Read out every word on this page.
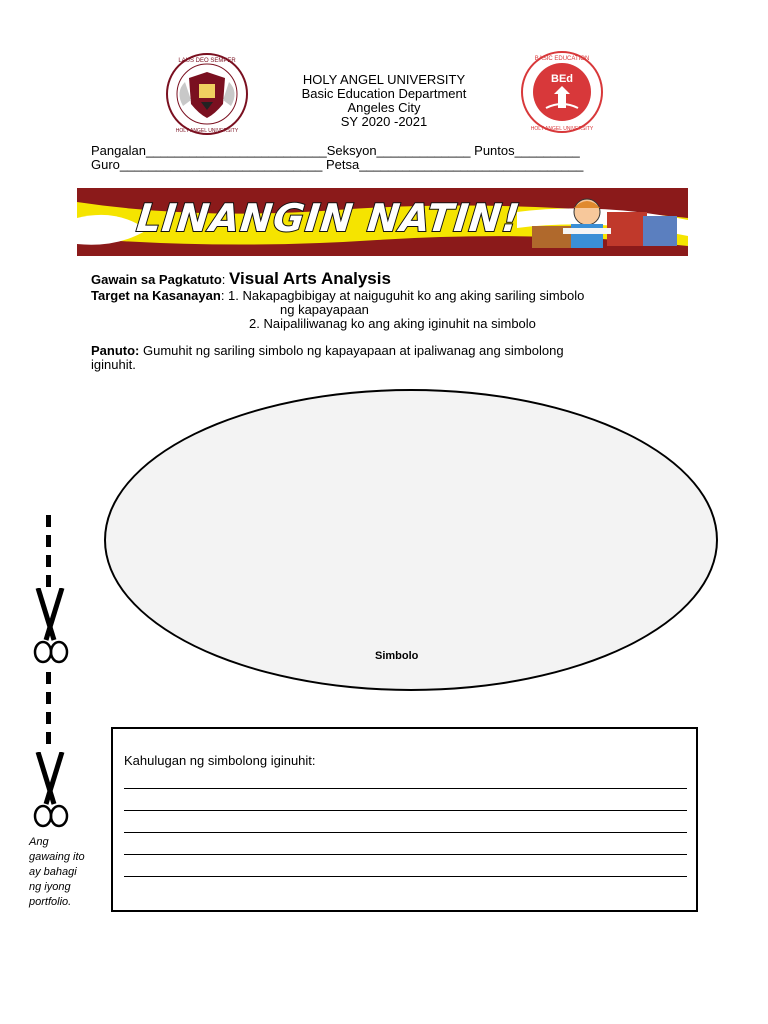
LAUS DEO SEMPER
HOLY ANGEL UNIVERSITY
HOLY ANGEL UNIVERSITY
Basic Education Department
Angeles City
SY 2020 -2021
BEd
BASIC EDUCATION
HOLY ANGEL UNIVERSITY
Pangalan_________________________Seksyon_____________ Puntos_________
Guro____________________________ Petsa_______________________________
LINANGIN NATIN!
Gawain sa Pagkatuto: Visual Arts Analysis
Target na Kasanayan: 1. Nakapagbibigay at naiguguhit ko ang aking sariling simbolo
ng kapayapaan
2. Naipaliliwanag ko ang aking iginuhit na simbolo
Panuto: Gumuhit ng sariling simbolo ng kapayapaan at ipaliwanag ang simbolong
iginuhit.
Simbolo
Kahulugan ng simbolong iginuhit:
Ang gawaing ito ay bahagi ng iyong portfolio.
